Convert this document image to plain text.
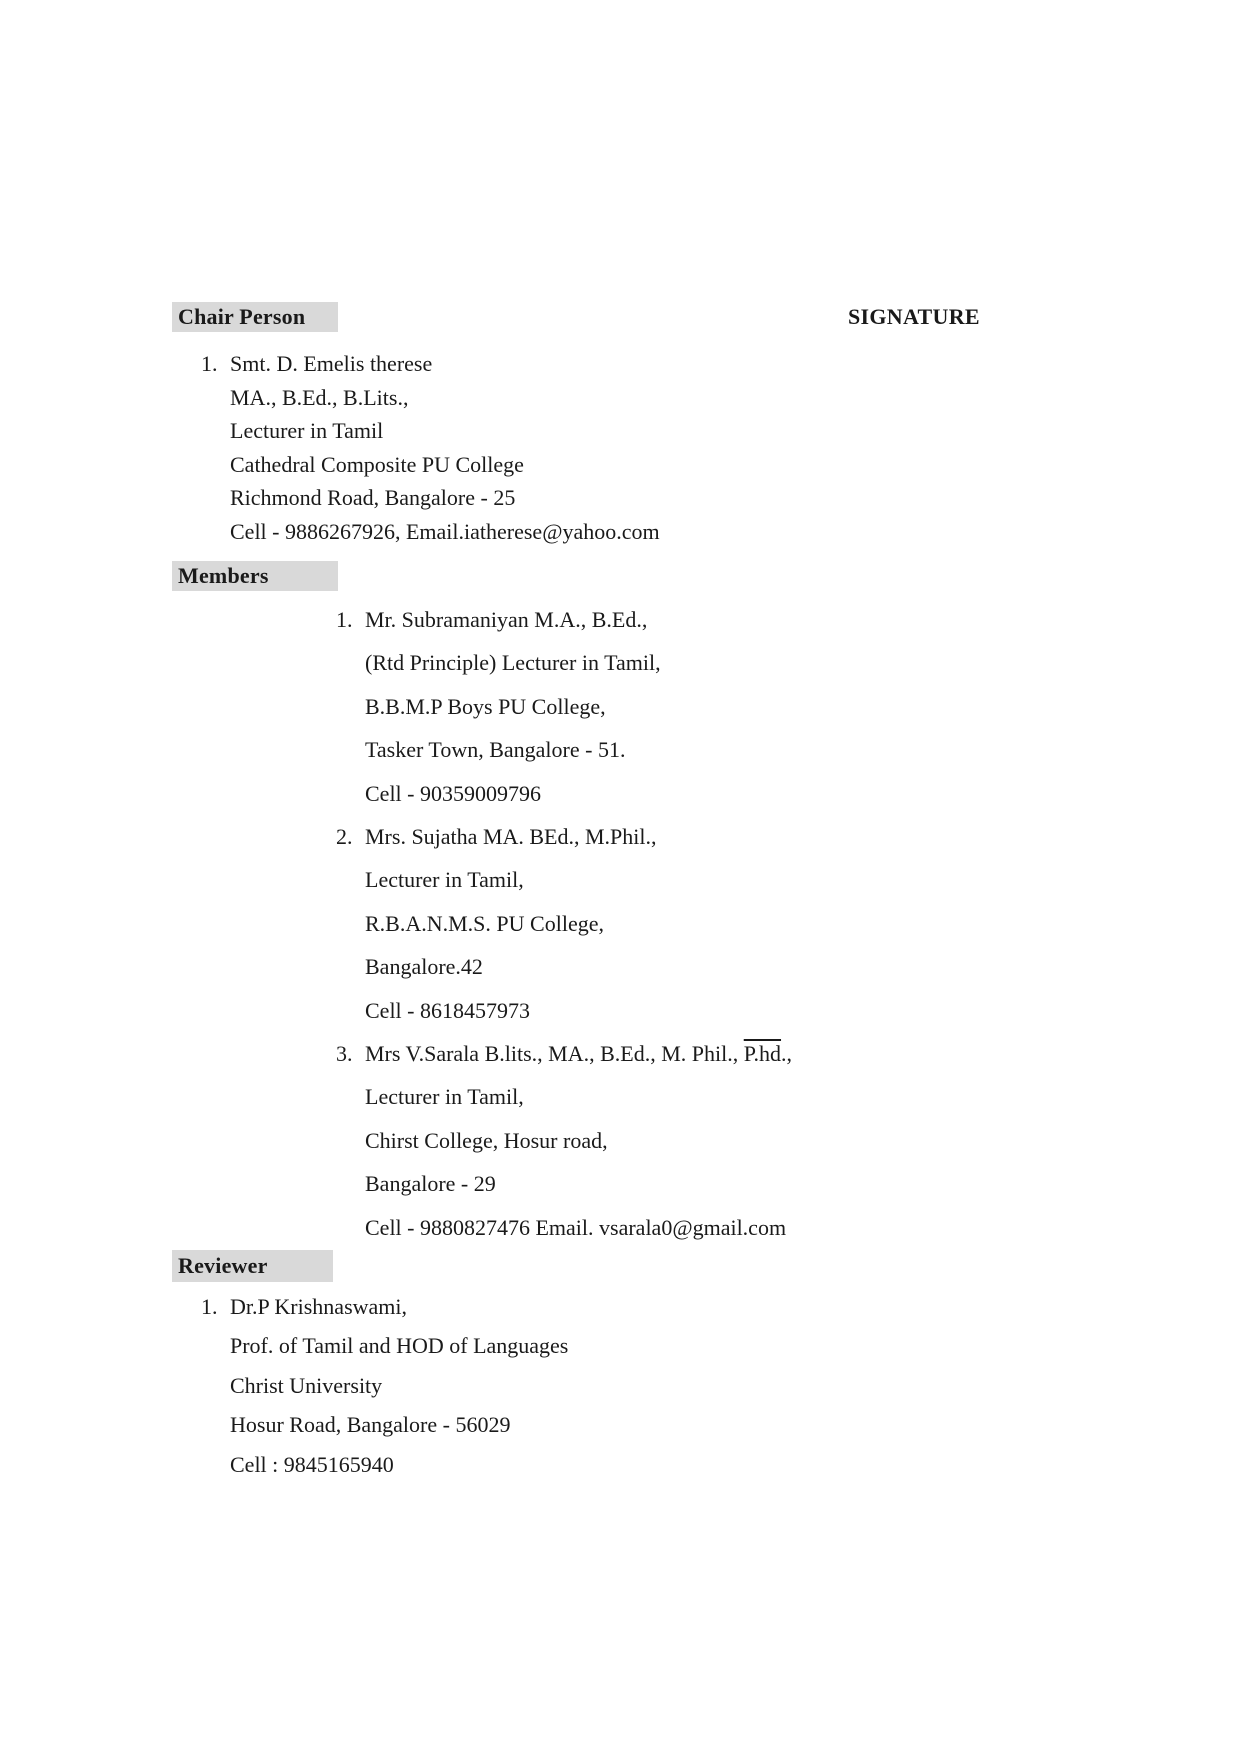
Chair Person	SIGNATURE
1. Smt. D. Emelis therese
MA., B.Ed., B.Lits.,
Lecturer in Tamil
Cathedral Composite PU College
Richmond Road, Bangalore - 25
Cell - 9886267926, Email.iatherese@yahoo.com
Members
1. Mr. Subramaniyan M.A., B.Ed.,
(Rtd Principle) Lecturer in Tamil,
B.B.M.P Boys PU College,
Tasker Town, Bangalore - 51.
Cell - 90359009796
2. Mrs. Sujatha MA. BEd., M.Phil.,
Lecturer in Tamil,
R.B.A.N.M.S. PU College,
Bangalore.42
Cell - 8618457973
3. Mrs V.Sarala B.lits., MA., B.Ed., M. Phil., P.hd.,
Lecturer in Tamil,
Chirst College, Hosur road,
Bangalore - 29
Cell - 9880827476 Email. vsarala0@gmail.com
Reviewer
1. Dr.P Krishnaswami,
Prof. of Tamil and HOD of Languages
Christ University
Hosur Road, Bangalore - 56029
Cell : 9845165940
